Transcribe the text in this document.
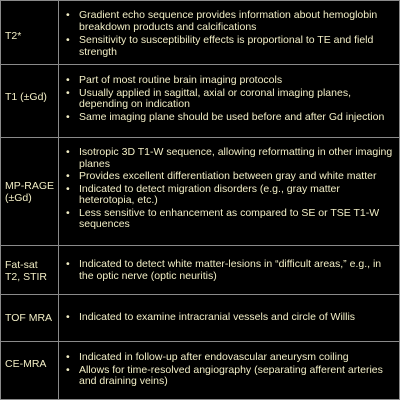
T2*
• Gradient echo sequence provides information about hemoglobin breakdown products and calcifications
• Sensitivity to susceptibility effects is proportional to TE and field strength
T1 (±Gd)
• Part of most routine brain imaging protocols
• Usually applied in sagittal, axial or coronal imaging planes, depending on indication
• Same imaging plane should be used before and after Gd injection
MP-RAGE (±Gd)
• Isotropic 3D T1-W sequence, allowing reformatting in other imaging planes
• Provides excellent differentiation between gray and white matter
• Indicated to detect migration disorders (e.g., gray matter heterotopia, etc.)
• Less sensitive to enhancement as compared to SE or TSE T1-W sequences
Fat-sat T2, STIR
• Indicated to detect white matter-lesions in “difficult areas,” e.g., in the optic nerve (optic neuritis)
TOF MRA
•	Indicated to examine intracranial vessels and circle of Willis
CE-MRA
• Indicated in follow-up after endovascular aneurysm coiling
• Allows for time-resolved angiography (separating afferent arteries and draining veins)
